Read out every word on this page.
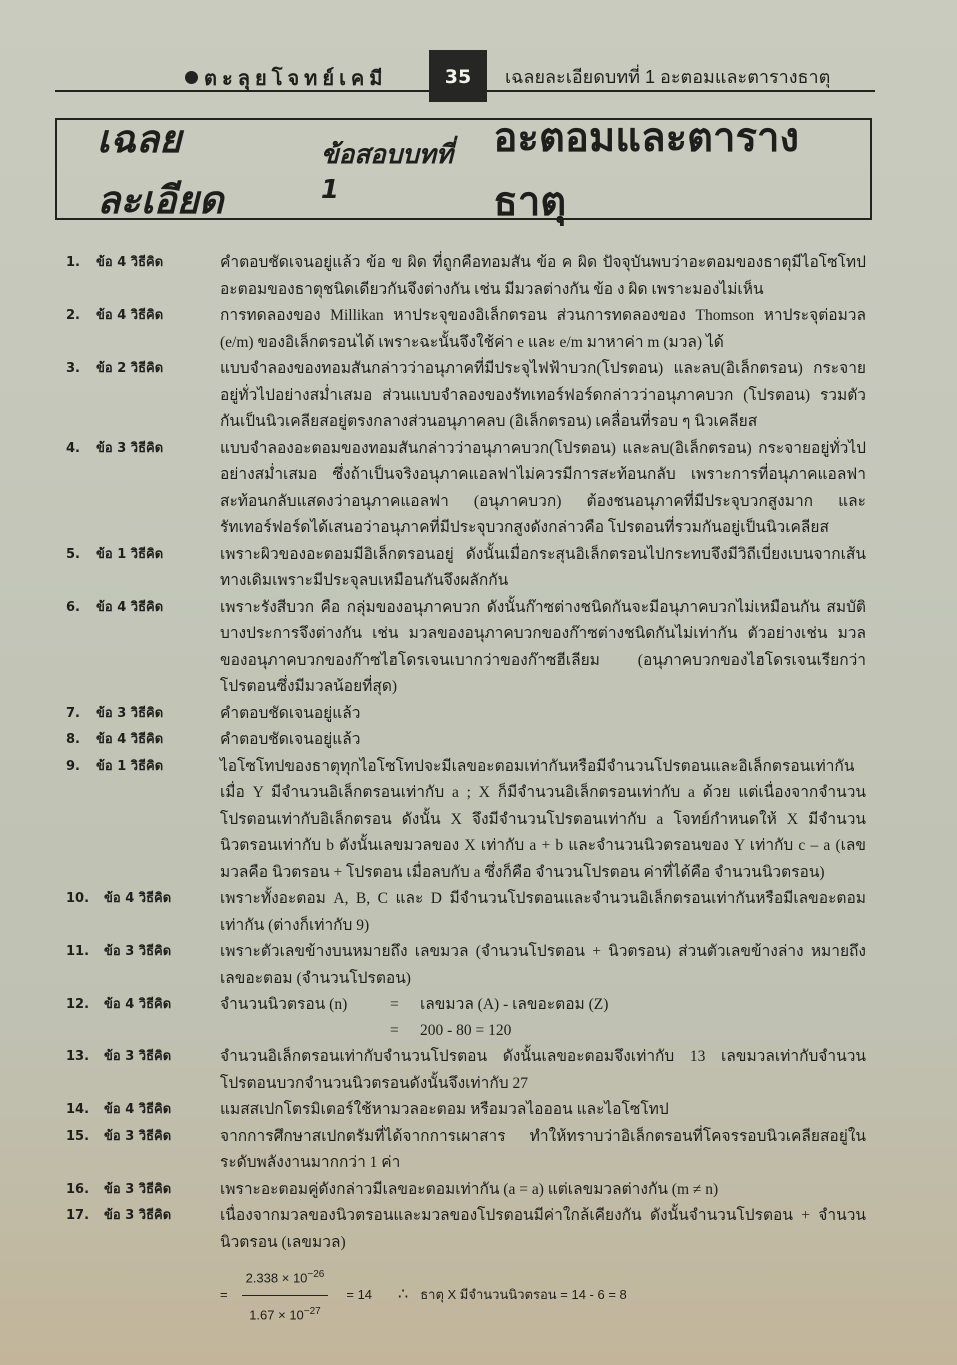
ตะลุยโจทย์เคมี	35	เฉลยละเอียดบทที่ 1 อะตอมและตารางธาตุ
เฉลยละเอียด
ข้อสอบบทที่ 1
อะตอมและตารางธาตุ
1.	ข้อ 4 วิธีคิด	คำตอบชัดเจนอยู่แล้ว ข้อ ข ผิด ที่ถูกคือทอมสัน ข้อ ค ผิด ปัจจุบันพบว่าอะตอมของธาตุมีไอโซโทปอะตอมของธาตุชนิดเดียวกันจึงต่างกัน เช่น มีมวลต่างกัน ข้อ ง ผิด เพราะมองไม่เห็น
2.	ข้อ 4 วิธีคิด	การทดลองของ Millikan หาประจุของอิเล็กตรอน ส่วนการทดลองของ Thomson หาประจุต่อมวล (e/m) ของอิเล็กตรอนได้ เพราะฉะนั้นจึงใช้ค่า e และ e/m มาหาค่า m (มวล) ได้
3.	ข้อ 2 วิธีคิด	แบบจำลองของทอมสันกล่าวว่าอนุภาคที่มีประจุไฟฟ้าบวก(โปรตอน) และลบ(อิเล็กตรอน) กระจายอยู่ทั่วไปอย่างสม่ำเสมอ ส่วนแบบจำลองของรัทเทอร์ฟอร์ดกล่าวว่าอนุภาคบวก (โปรตอน) รวมตัวกันเป็นนิวเคลียสอยู่ตรงกลางส่วนอนุภาคลบ (อิเล็กตรอน) เคลื่อนที่รอบ ๆ นิวเคลียส
4.	ข้อ 3 วิธีคิด	แบบจำลองอะตอมของทอมสันกล่าวว่าอนุภาคบวก(โปรตอน) และลบ(อิเล็กตรอน) กระจายอยู่ทั่วไปอย่างสม่ำเสมอ ซึ่งถ้าเป็นจริงอนุภาคแอลฟาไม่ควรมีการสะท้อนกลับ เพราะการที่อนุภาคแอลฟาสะท้อนกลับแสดงว่าอนุภาคแอลฟา (อนุภาคบวก) ต้องชนอนุภาคที่มีประจุบวกสูงมาก และรัทเทอร์ฟอร์ดได้เสนอว่าอนุภาคที่มีประจุบวกสูงดังกล่าวคือ โปรตอนที่รวมกันอยู่เป็นนิวเคลียส
5.	ข้อ 1 วิธีคิด	เพราะผิวของอะตอมมีอิเล็กตรอนอยู่ ดังนั้นเมื่อกระสุนอิเล็กตรอนไปกระทบจึงมีวิถีเบี่ยงเบนจากเส้นทางเดิมเพราะมีประจุลบเหมือนกันจึงผลักกัน
6.	ข้อ 4 วิธีคิด	เพราะรังสีบวก คือ กลุ่มของอนุภาคบวก ดังนั้นก๊าซต่างชนิดกันจะมีอนุภาคบวกไม่เหมือนกัน สมบัติบางประการจึงต่างกัน เช่น มวลของอนุภาคบวกของก๊าซต่างชนิดกันไม่เท่ากัน ตัวอย่างเช่น มวลของอนุภาคบวกของก๊าซไฮโดรเจนเบากว่าของก๊าซฮีเลียม (อนุภาคบวกของไฮโดรเจนเรียกว่าโปรตอนซึ่งมีมวลน้อยที่สุด)
7.	ข้อ 3 วิธีคิด	คำตอบชัดเจนอยู่แล้ว
8.	ข้อ 4 วิธีคิด	คำตอบชัดเจนอยู่แล้ว
9.	ข้อ 1 วิธีคิด	ไอโซโทปของธาตุทุกไอโซโทปจะมีเลขอะตอมเท่ากันหรือมีจำนวนโปรตอนและอิเล็กตรอนเท่ากันเมื่อ Y มีจำนวนอิเล็กตรอนเท่ากับ a ; X ก็มีจำนวนอิเล็กตรอนเท่ากับ a ด้วย แต่เนื่องจากจำนวนโปรตอนเท่ากับอิเล็กตรอน ดังนั้น X จึงมีจำนวนโปรตอนเท่ากับ a โจทย์กำหนดให้ X มีจำนวนนิวตรอนเท่ากับ b ดังนั้นเลขมวลของ X เท่ากับ a + b และจำนวนนิวตรอนของ Y เท่ากับ c – a (เลขมวลคือ นิวตรอน + โปรตอน เมื่อลบกับ a ซึ่งก็คือ จำนวนโปรตอน ค่าที่ได้คือ จำนวนนิวตรอน)
10.	ข้อ 4 วิธีคิด	เพราะทั้งอะตอม A, B, C และ D มีจำนวนโปรตอนและจำนวนอิเล็กตรอนเท่ากันหรือมีเลขอะตอมเท่ากัน (ต่างก็เท่ากับ 9)
11.	ข้อ 3 วิธีคิด	เพราะตัวเลขข้างบนหมายถึง เลขมวล (จำนวนโปรตอน + นิวตรอน) ส่วนตัวเลขข้างล่าง หมายถึง เลขอะตอม (จำนวนโปรตอน)
12.	ข้อ 4 วิธีคิด	จำนวนนิวตรอน (n)	=	เลขมวล (A) - เลขอะตอม (Z)
=	200 - 80 = 120
13.	ข้อ 3 วิธีคิด	จำนวนอิเล็กตรอนเท่ากับจำนวนโปรตอน ดังนั้นเลขอะตอมจึงเท่ากับ 13 เลขมวลเท่ากับจำนวนโปรตอนบวกจำนวนนิวตรอนดังนั้นจึงเท่ากับ 27
14.	ข้อ 4 วิธีคิด	แมสสเปกโตรมิเตอร์ใช้หามวลอะตอม หรือมวลไอออน และไอโซโทป
15.	ข้อ 3 วิธีคิด	จากการศึกษาสเปกตรัมที่ได้จากการเผาสาร ทำให้ทราบว่าอิเล็กตรอนที่โคจรรอบนิวเคลียสอยู่ในระดับพลังงานมากกว่า 1 ค่า
16.	ข้อ 3 วิธีคิด	เพราะอะตอมคู่ดังกล่าวมีเลขอะตอมเท่ากัน (a = a) แต่เลขมวลต่างกัน (m ≠ n)
17.	ข้อ 3 วิธีคิด	เนื่องจากมวลของนิวตรอนและมวลของโปรตอนมีค่าใกล้เคียงกัน ดังนั้นจำนวนโปรตอน + จำนวนนิวตรอน (เลขมวล)
= $\frac{2.338 \times 10^{-26}}{1.67 \times 10^{-27}} = 14$ ∴ ธาตุ X มีจำนวนนิวตรอน = 14 - 6 = 8
